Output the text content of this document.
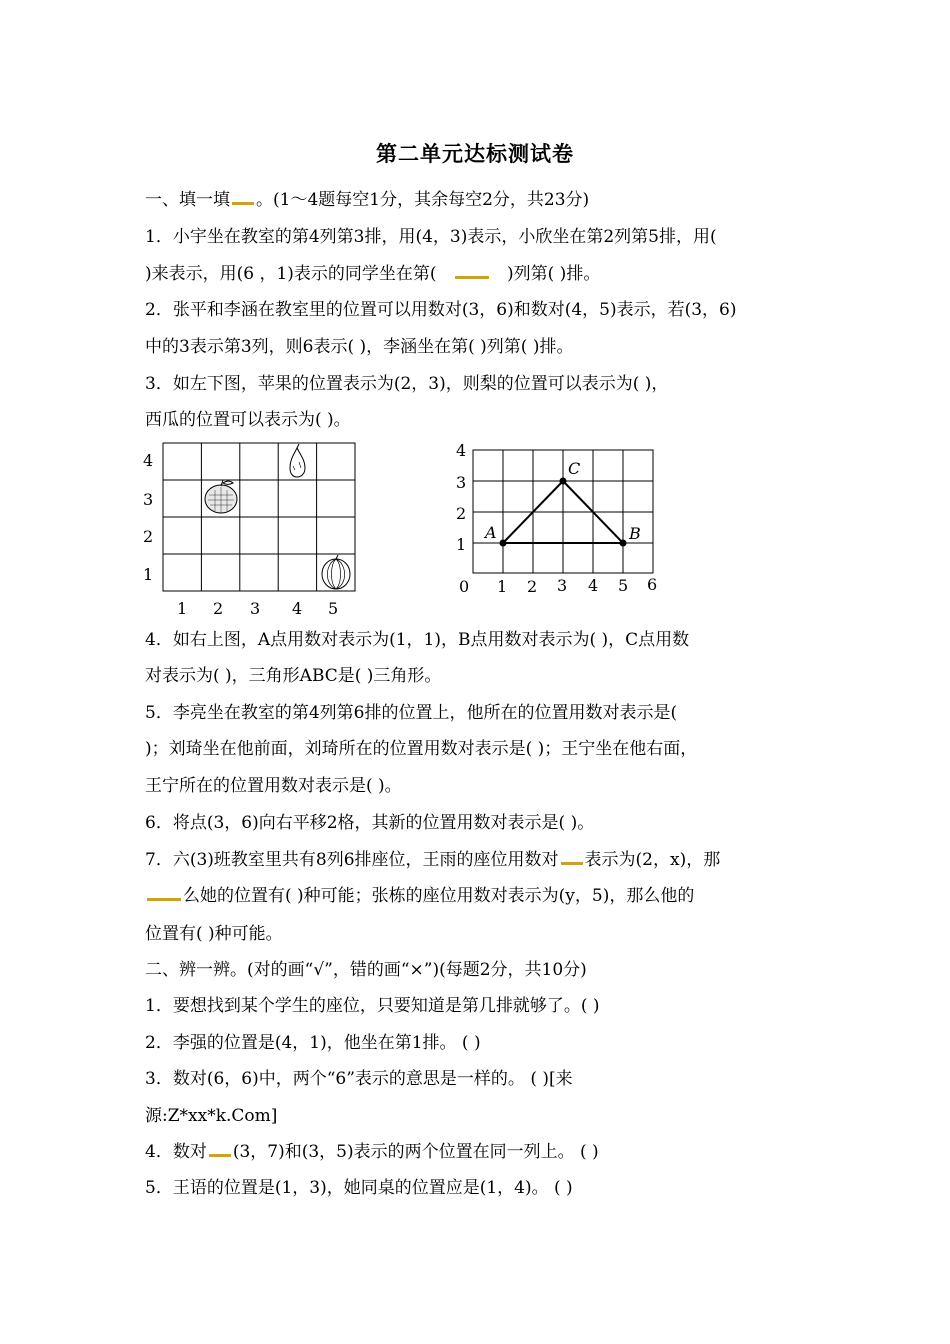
第二单元达标测试卷
一、填一填 。(1～4题每空1分，其余每空2分，共23分)
1．小宇坐在教室的第4列第3排，用(4，3)表示，小欣坐在第2列第5排，用(
)来表示，用(6 ，1)表示的同学坐在第(	)列第( )排。
2．张平和李涵在教室里的位置可以用数对(3，6)和数对(4，5)表示，若(3，6)
中的3表示第3列，则6表示( )，李涵坐在第( )列第( )排。
3．如左下图，苹果的位置表示为(2，3)，则梨的位置可以表示为( )，
西瓜的位置可以表示为( )。
4
3
2
1
1 2 3 4 5
4
3
2
1
0 1 2 3 4 5 6
A	B
C
4．如右上图，A点用数对表示为(1，1)，B点用数对表示为( )，C点用数
对表示为( )，三角形ABC是( )三角形。
5．李亮坐在教室的第4列第6排的位置上，他所在的位置用数对表示是(
)；刘琦坐在他前面，刘琦所在的位置用数对表示是( )；王宁坐在他右面，
王宁所在的位置用数对表示是( )。
6．将点(3，6)向右平移2格，其新的位置用数对表示是( )。
7．六(3)班教室里共有8列6排座位，王雨的座位用数对 表示为(2，x)，那
么她的位置有( )种可能；张栋的座位用数对表示为(y，5)，那么他的
位置有( )种可能。
二、辨一辨。(对的画“√”，错的画“×”)(每题2分，共10分)
1．要想找到某个学生的座位，只要知道是第几排就够了。( )
2．李强的位置是(4，1)，他坐在第1排。 ( )
3．数对(6，6)中，两个“6”表示的意思是一样的。 ( )[来
源:Z*xx*k.Com]
4．数对 (3，7)和(3，5)表示的两个位置在同一列上。 ( )
5．王语的位置是(1，3)，她同桌的位置应是(1，4)。 ( )
